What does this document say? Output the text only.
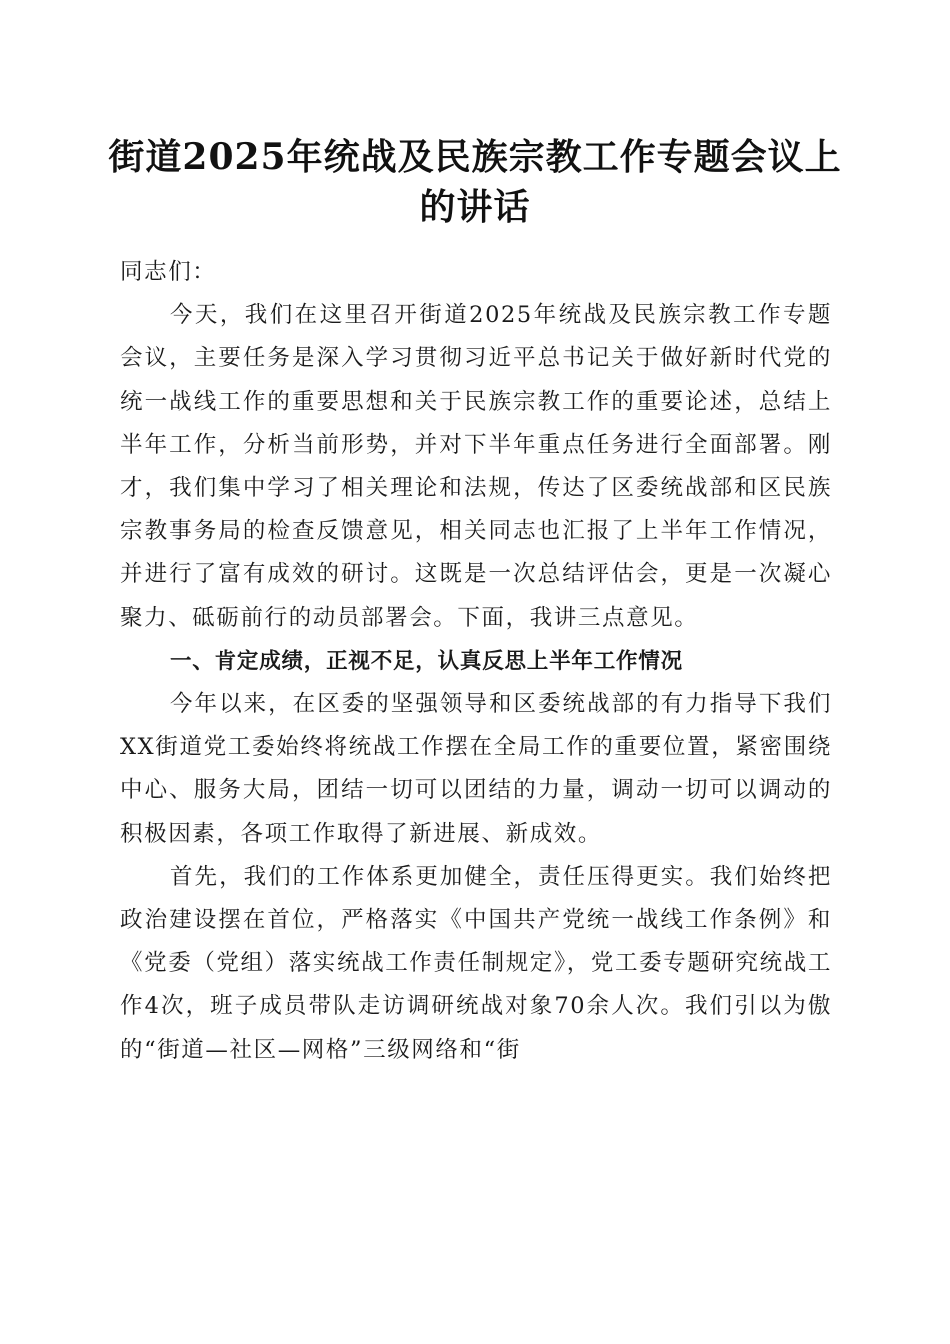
街道2025年统战及民族宗教工作专题会议上的讲话

同志们：

今天，我们在这里召开街道2025年统战及民族宗教工作专题会议，主要任务是深入学习贯彻习近平总书记关于做好新时代党的统一战线工作的重要思想和关于民族宗教工作的重要论述，总结上半年工作，分析当前形势，并对下半年重点任务进行全面部署。刚才，我们集中学习了相关理论和法规，传达了区委统战部和区民族宗教事务局的检查反馈意见，相关同志也汇报了上半年工作情况，并进行了富有成效的研讨。这既是一次总结评估会，更是一次凝心聚力、砥砺前行的动员部署会。下面，我讲三点意见。

一、肯定成绩，正视不足，认真反思上半年工作情况

今年以来，在区委的坚强领导和区委统战部的有力指导下我们XX街道党工委始终将统战工作摆在全局工作的重要位置，紧密围绕中心、服务大局，团结一切可以团结的力量，调动一切可以调动的积极因素，各项工作取得了新进展、新成效。

首先，我们的工作体系更加健全，责任压得更实。我们始终把政治建设摆在首位，严格落实《中国共产党统一战线工作条例》和《党委（党组）落实统战工作责任制规定》，党工委专题研究统战工作4次，班子成员带队走访调研统战对象70余人次。我们引以为傲的“街道—社区—网格”三级网络和“街
